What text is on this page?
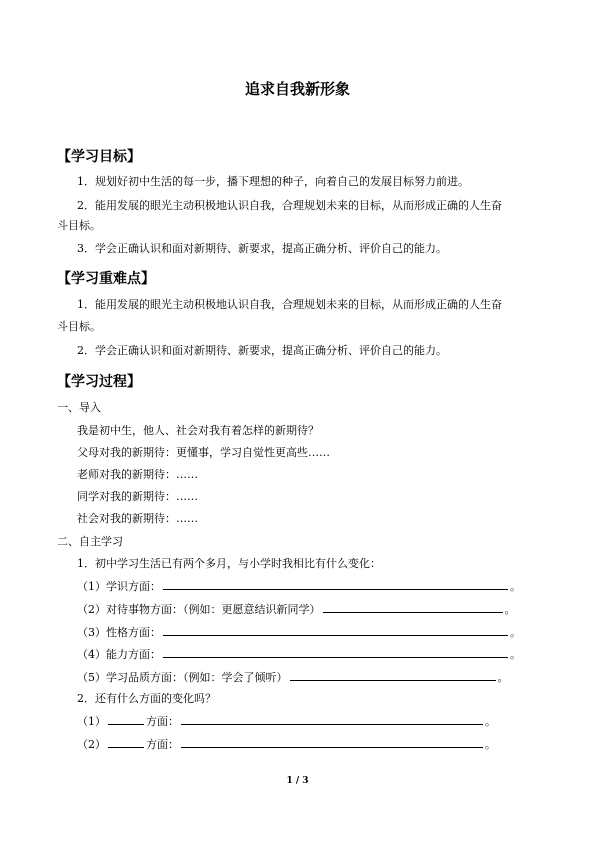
追求自我新形象
【学习目标】
1．规划好初中生活的每一步，播下理想的种子，向着自己的发展目标努力前进。
2．能用发展的眼光主动积极地认识自我，合理规划未来的目标，从而形成正确的人生奋
斗目标。
3．学会正确认识和面对新期待、新要求，提高正确分析、评价自己的能力。
【学习重难点】
1．能用发展的眼光主动积极地认识自我，合理规划未来的目标，从而形成正确的人生奋
斗目标。
2．学会正确认识和面对新期待、新要求，提高正确分析、评价自己的能力。
【学习过程】
一、导入
我是初中生，他人、社会对我有着怎样的新期待？
父母对我的新期待：更懂事，学习自觉性更高些……
老师对我的新期待：……
同学对我的新期待：……
社会对我的新期待：……
二、自主学习
1．初中学习生活已有两个多月，与小学时我相比有什么变化：
（1）学识方面：	。
（2）对待事物方面：（例如：更愿意结识新同学）	。
（3）性格方面：	。
（4）能力方面：	。
（5）学习品质方面：（例如：学会了倾听）	。
2．还有什么方面的变化吗？
（1）	方面：	。
（2）	方面：	。
1 / 3
